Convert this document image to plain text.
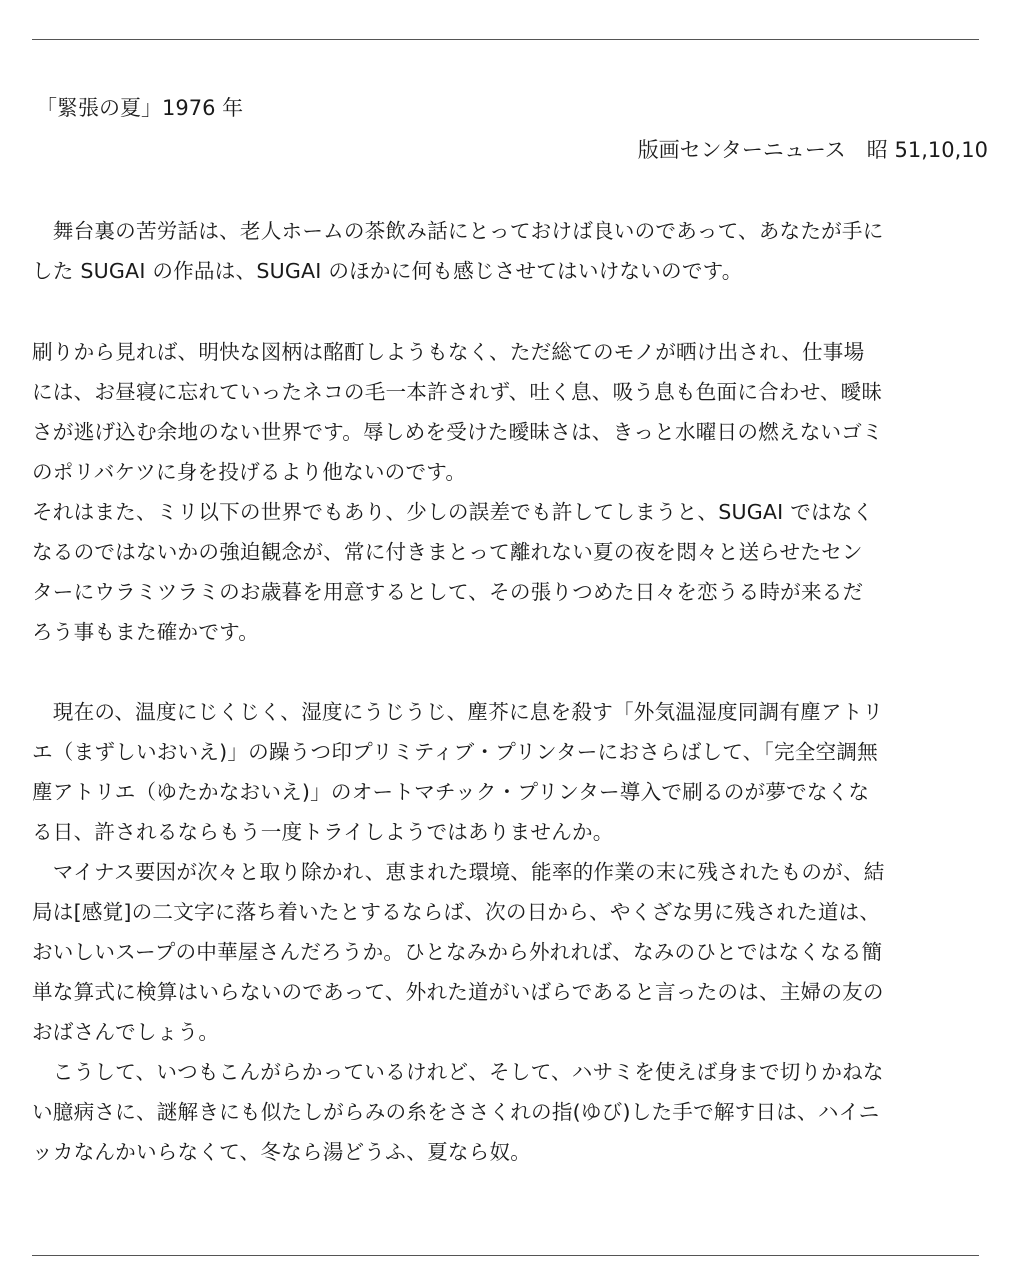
「緊張の夏」1976 年
版画センターニュース　昭 51,10,10
　舞台裏の苦労話は、老人ホームの茶飲み話にとっておけば良いのであって、あなたが手に
した SUGAI の作品は、SUGAI のほかに何も感じさせてはいけないのです。
刷りから見れば、明快な図柄は酩酊しようもなく、ただ総てのモノが晒け出され、仕事場
には、お昼寝に忘れていったネコの毛一本許されず、吐く息、吸う息も色面に合わせ、曖昧
さが逃げ込む余地のない世界です。辱しめを受けた曖昧さは、きっと水曜日の燃えないゴミ
のポリバケツに身を投げるより他ないのです。
それはまた、ミリ以下の世界でもあり、少しの誤差でも許してしまうと、SUGAI ではなく
なるのではないかの強迫観念が、常に付きまとって離れない夏の夜を悶々と送らせたセン
ターにウラミツラミのお歳暮を用意するとして、その張りつめた日々を恋うる時が来るだ
ろう事もまた確かです。
　現在の、温度にじくじく、湿度にうじうじ、塵芥に息を殺す「外気温湿度同調有塵アトリ
エ（まずしいおいえ)」の躁うつ印プリミティブ・プリンターにおさらばして、「完全空調無
塵アトリエ（ゆたかなおいえ)」のオートマチック・プリンター導入で刷るのが夢でなくな
る日、許されるならもう一度トライしようではありませんか。
　マイナス要因が次々と取り除かれ、恵まれた環境、能率的作業の末に残されたものが、結
局は[感覚]の二文字に落ち着いたとするならば、次の日から、やくざな男に残された道は、
おいしいスープの中華屋さんだろうか。ひとなみから外れれば、なみのひとではなくなる簡
単な算式に検算はいらないのであって、外れた道がいばらであると言ったのは、主婦の友の
おばさんでしょう。
　こうして、いつもこんがらかっているけれど、そして、ハサミを使えば身まで切りかねな
い臆病さに、謎解きにも似たしがらみの糸をささくれの指(ゆび)した手で解す日は、ハイニ
ッカなんかいらなくて、冬なら湯どうふ、夏なら奴。
